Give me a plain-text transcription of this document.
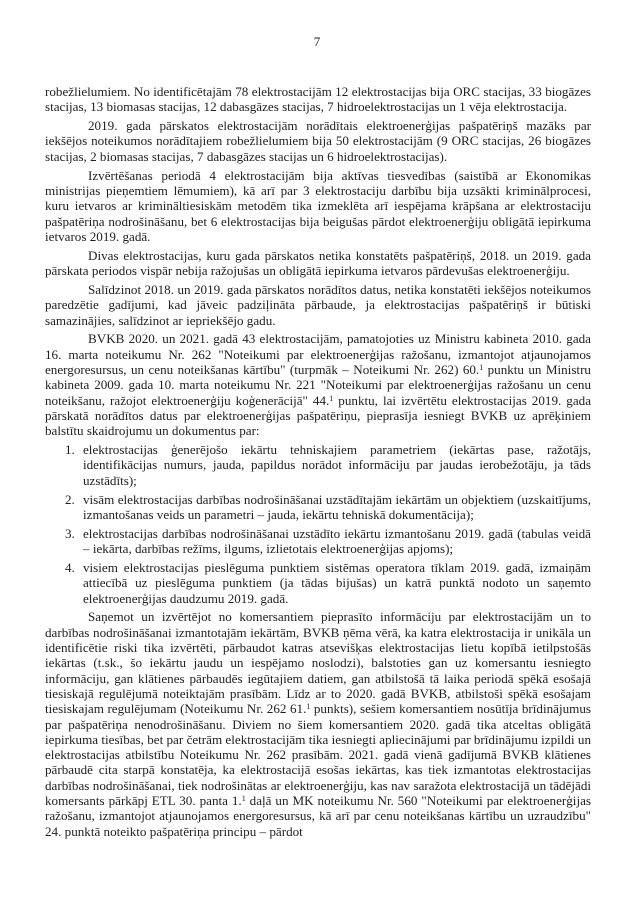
7

robežlielumiem. No identificētajām 78 elektrostacijām 12 elektrostacijas bija ORC stacijas, 33 biogāzes stacijas, 13 biomasas stacijas, 12 dabasgāzes stacijas, 7 hidroelektrostacijas un 1 vēja elektrostacija.

2019. gada pārskatos elektrostacijām norādītais elektroenerģijas pašpatēriņš mazāks par iekšējos noteikumos norādītajiem robežlielumiem bija 50 elektrostacijām (9 ORC stacijas, 26 biogāzes stacijas, 2 biomasas stacijas, 7 dabasgāzes stacijas un 6 hidroelektrostacijas).

Izvērtēšanas periodā 4 elektrostacijām bija aktīvas tiesvedības (saistībā ar Ekonomikas ministrijas pieņemtiem lēmumiem), kā arī par 3 elektrostaciju darbību bija uzsākti kriminālprocesi, kuru ietvaros ar krimināltiesiskām metodēm tika izmeklēta arī iespējama krāpšana ar elektrostaciju pašpatēriņa nodrošināšanu, bet 6 elektrostacijas bija beigušas pārdot elektroenerģiju obligātā iepirkuma ietvaros 2019. gadā.

Divas elektrostacijas, kuru gada pārskatos netika konstatēts pašpatēriņš, 2018. un 2019. gada pārskata periodos vispār nebija ražojušas un obligātā iepirkuma ietvaros pārdevušas elektroenerģiju.

Salīdzinot 2018. un 2019. gada pārskatos norādītos datus, netika konstatēti iekšējos noteikumos paredzētie gadījumi, kad jāveic padziļināta pārbaude, ja elektrostacijas pašpatēriņš ir būtiski samazinājies, salīdzinot ar iepriekšējo gadu.

BVKB 2020. un 2021. gadā 43 elektrostacijām, pamatojoties uz Ministru kabineta 2010. gada 16. marta noteikumu Nr. 262 "Noteikumi par elektroenerģijas ražošanu, izmantojot atjaunojamos energoresursus, un cenu noteikšanas kārtību" (turpmāk – Noteikumi Nr. 262) 60.$^1$ punktu un Ministru kabineta 2009. gada 10. marta noteikumu Nr. 221 "Noteikumi par elektroenerģijas ražošanu un cenu noteikšanu, ražojot elektroenerģiju koģenerācijā" 44.$^1$ punktu, lai izvērtētu elektrostacijas 2019. gada pārskatā norādītos datus par elektroenerģijas pašpatēriņu, pieprasīja iesniegt BVKB uz aprēķiniem balstītu skaidrojumu un dokumentus par:

1. elektrostacijas ģenerējošo iekārtu tehniskajiem parametriem (iekārtas pase, ražotājs, identifikācijas numurs, jauda, papildus norādot informāciju par jaudas ierobežotāju, ja tāds uzstādīts);
2. visām elektrostacijas darbības nodrošināšanai uzstādītajām iekārtām un objektiem (uzskaitījums, izmantošanas veids un parametri – jauda, iekārtu tehniskā dokumentācija);
3. elektrostacijas darbības nodrošināšanai uzstādīto iekārtu izmantošanu 2019. gadā (tabulas veidā – iekārta, darbības režīms, ilgums, izlietotais elektroenerģijas apjoms);
4. visiem elektrostacijas pieslēguma punktiem sistēmas operatora tīklam 2019. gadā, izmaiņām attiecībā uz pieslēguma punktiem (ja tādas bijušas) un katrā punktā nodoto un saņemto elektroenerģijas daudzumu 2019. gadā.

Saņemot un izvērtējot no komersantiem pieprasīto informāciju par elektrostacijām un to darbības nodrošināšanai izmantotajām iekārtām, BVKB ņēma vērā, ka katra elektrostacija ir unikāla un identificētie riski tika izvērtēti, pārbaudot katras atsevišķas elektrostacijas lietu kopībā ietilpstošās iekārtas (t.sk., šo iekārtu jaudu un iespējamo noslodzi), balstoties gan uz komersantu iesniegto informāciju, gan klātienes pārbaudēs iegūtajiem datiem, gan atbilstošā tā laika periodā spēkā esošajā tiesiskajā regulējumā noteiktajām prasībām. Līdz ar to 2020. gadā BVKB, atbilstoši spēkā esošajam tiesiskajam regulējumam (Noteikumu Nr. 262 61.$^1$ punkts), sešiem komersantiem nosūtīja brīdinājumus par pašpatēriņa nenodrošināšanu. Diviem no šiem komersantiem 2020. gadā tika atceltas obligātā iepirkuma tiesības, bet par četrām elektrostacijām tika iesniegti apliecinājumi par brīdinājumu izpildi un elektrostacijas atbilstību Noteikumu Nr. 262 prasībām. 2021. gadā vienā gadījumā BVKB klātienes pārbaudē cita starpā konstatēja, ka elektrostacijā esošas iekārtas, kas tiek izmantotas elektrostacijas darbības nodrošināšanai, tiek nodrošinātas ar elektroenerģiju, kas nav saražota elektrostacijā un tādējādi komersants pārkāpj ETL 30. panta 1.$^1$ daļā un MK noteikumu Nr. 560 "Noteikumi par elektroenerģijas ražošanu, izmantojot atjaunojamos energoresursus, kā arī par cenu noteikšanas kārtību un uzraudzību" 24. punktā noteikto pašpatēriņa principu – pārdot
